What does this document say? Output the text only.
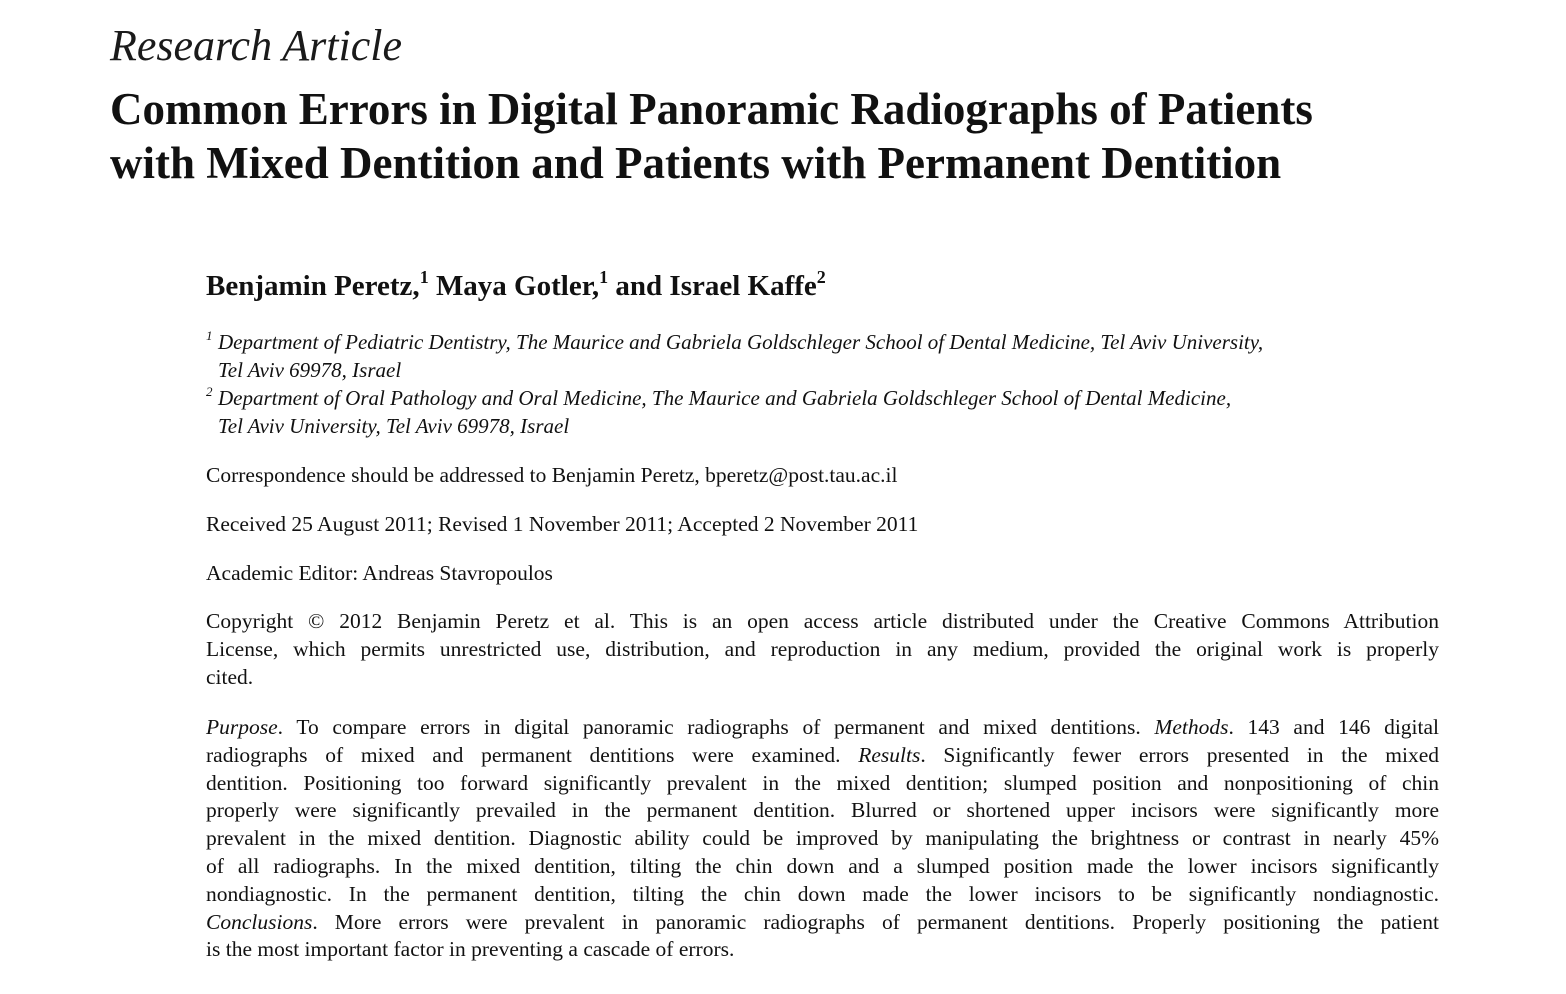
Research Article
Common Errors in Digital Panoramic Radiographs of Patients
with Mixed Dentition and Patients with Permanent Dentition

Benjamin Peretz,$^1$ Maya Gotler,$^1$ and Israel Kaffe$^2$

1 Department of Pediatric Dentistry, The Maurice and Gabriela Goldschleger School of Dental Medicine, Tel Aviv University,
Tel Aviv 69978, Israel
2 Department of Oral Pathology and Oral Medicine, The Maurice and Gabriela Goldschleger School of Dental Medicine,
Tel Aviv University, Tel Aviv 69978, Israel

Correspondence should be addressed to Benjamin Peretz, bperetz@post.tau.ac.il

Received 25 August 2011; Revised 1 November 2011; Accepted 2 November 2011

Academic Editor: Andreas Stavropoulos

Copyright © 2012 Benjamin Peretz et al. This is an open access article distributed under the Creative Commons Attribution
License, which permits unrestricted use, distribution, and reproduction in any medium, provided the original work is properly
cited.
Purpose. To compare errors in digital panoramic radiographs of permanent and mixed dentitions. Methods. 143 and 146 digital
radiographs of mixed and permanent dentitions were examined. Results. Significantly fewer errors presented in the mixed
dentition. Positioning too forward significantly prevalent in the mixed dentition; slumped position and nonpositioning of chin
properly were significantly prevailed in the permanent dentition. Blurred or shortened upper incisors were significantly more
prevalent in the mixed dentition. Diagnostic ability could be improved by manipulating the brightness or contrast in nearly 45%
of all radiographs. In the mixed dentition, tilting the chin down and a slumped position made the lower incisors significantly
nondiagnostic. In the permanent dentition, tilting the chin down made the lower incisors to be significantly nondiagnostic.
Conclusions. More errors were prevalent in panoramic radiographs of permanent dentitions. Properly positioning the patient
is the most important factor in preventing a cascade of errors.
